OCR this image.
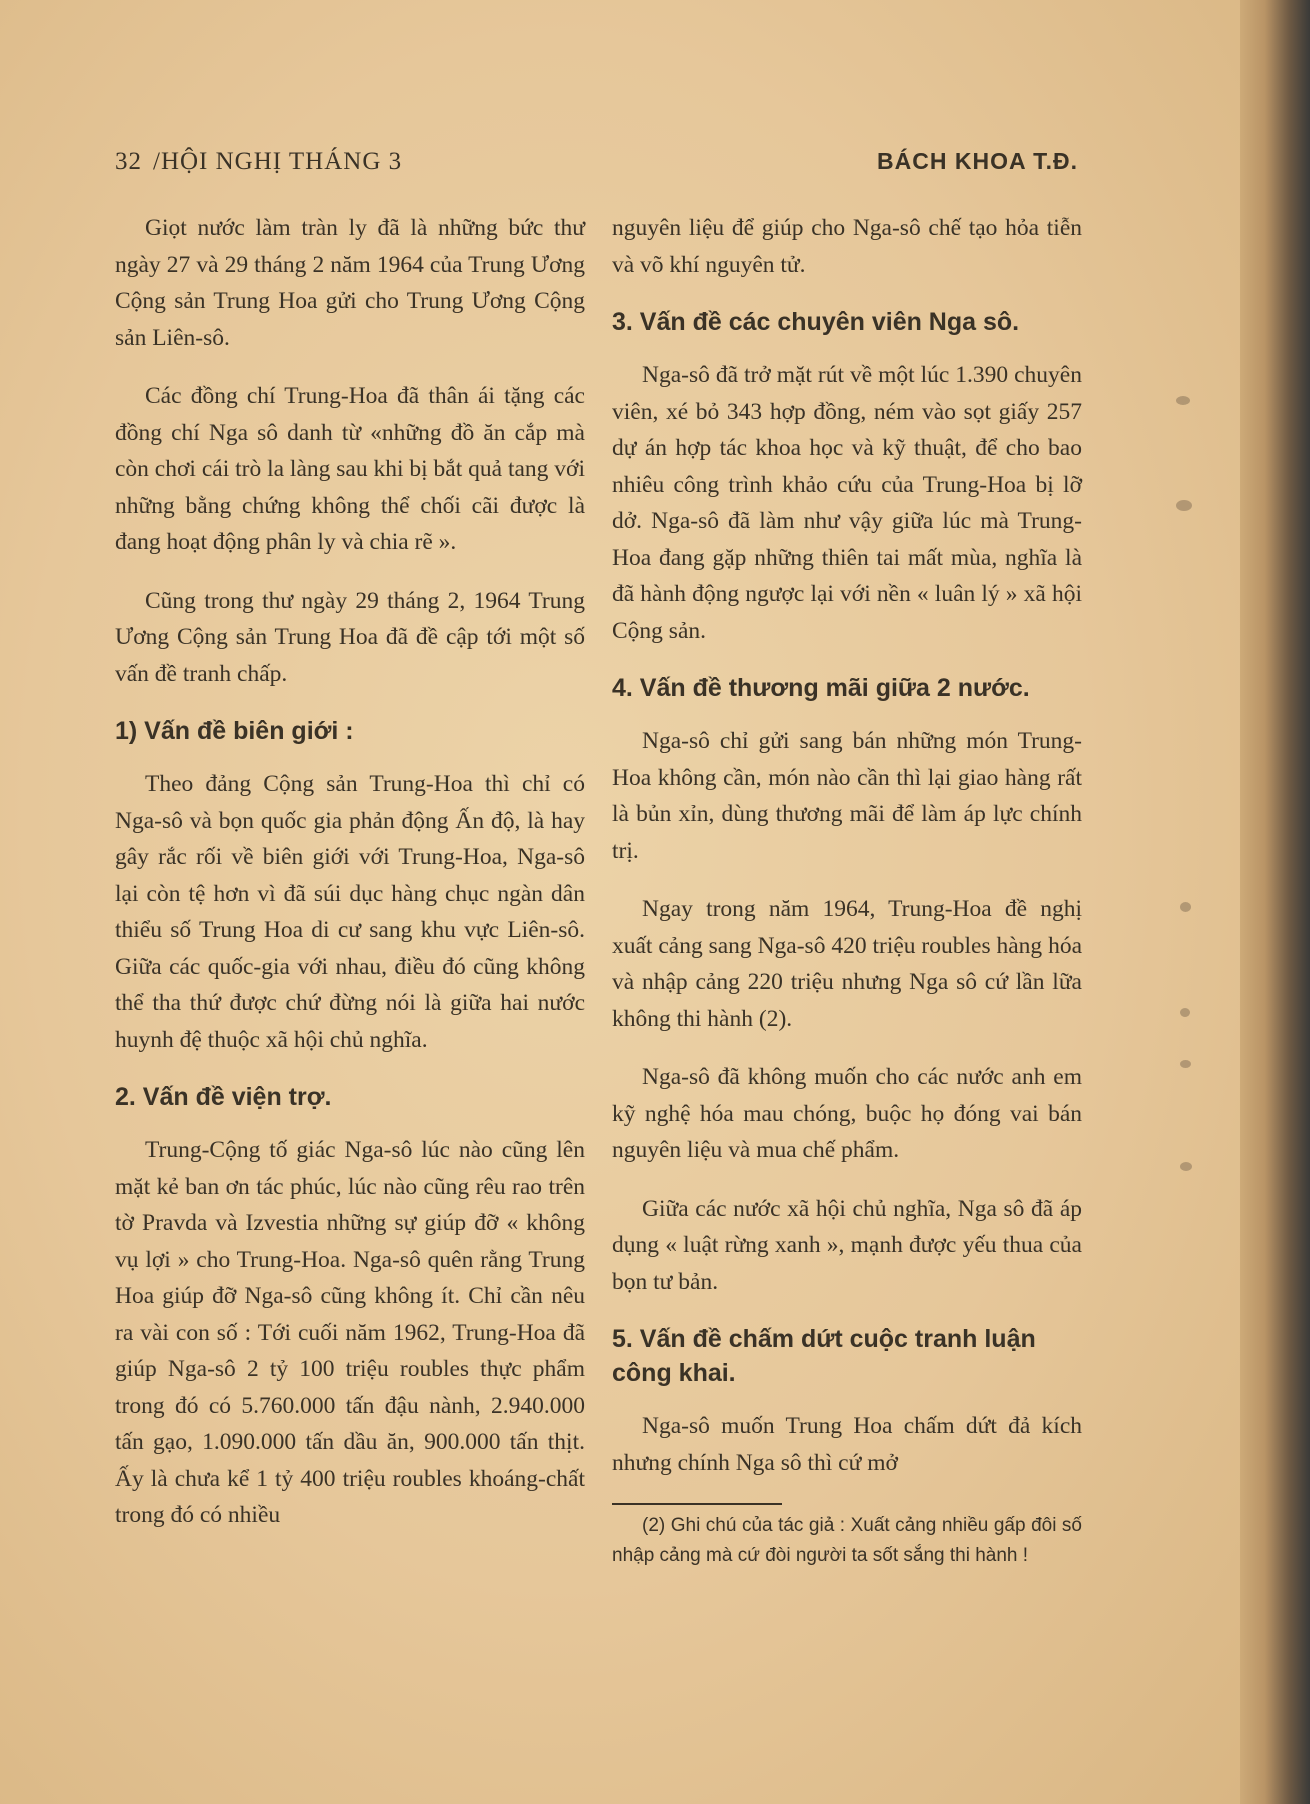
32 /HỘI NGHỊ THÁNG 3	BÁCH KHOA T.Đ.

Giọt nước làm tràn ly đã là những bức thư ngày 27 và 29 tháng 2 năm 1964 của Trung Ương Cộng sản Trung Hoa gửi cho Trung Ương Cộng sản Liên-sô.

Các đồng chí Trung-Hoa đã thân ái tặng các đồng chí Nga sô danh từ «những đồ ăn cắp mà còn chơi cái trò la làng sau khi bị bắt quả tang với những bằng chứng không thể chối cãi được là đang hoạt động phân ly và chia rẽ ».

Cũng trong thư ngày 29 tháng 2, 1964 Trung Ương Cộng sản Trung Hoa đã đề cập tới một số vấn đề tranh chấp.

1) Vấn đề biên giới :

Theo đảng Cộng sản Trung-Hoa thì chỉ có Nga-sô và bọn quốc gia phản động Ấn độ, là hay gây rắc rối về biên giới với Trung-Hoa, Nga-sô lại còn tệ hơn vì đã súi dục hàng chục ngàn dân thiểu số Trung Hoa di cư sang khu vực Liên-sô. Giữa các quốc-gia với nhau, điều đó cũng không thể tha thứ được chứ đừng nói là giữa hai nước huynh đệ thuộc xã hội chủ nghĩa.

2. Vấn đề viện trợ.

Trung-Cộng tố giác Nga-sô lúc nào cũng lên mặt kẻ ban ơn tác phúc, lúc nào cũng rêu rao trên tờ Pravda và Izvestia những sự giúp đỡ « không vụ lợi » cho Trung-Hoa. Nga-sô quên rằng Trung Hoa giúp đỡ Nga-sô cũng không ít. Chỉ cần nêu ra vài con số : Tới cuối năm 1962, Trung-Hoa đã giúp Nga-sô 2 tỷ 100 triệu roubles thực phẩm trong đó có 5.760.000 tấn đậu nành, 2.940.000 tấn gạo, 1.090.000 tấn dầu ăn, 900.000 tấn thịt. Ấy là chưa kể 1 tỷ 400 triệu roubles khoáng-chất trong đó có nhiều

nguyên liệu để giúp cho Nga-sô chế tạo hỏa tiễn và võ khí nguyên tử.

3. Vấn đề các chuyên viên Nga sô.

Nga-sô đã trở mặt rút về một lúc 1.390 chuyên viên, xé bỏ 343 hợp đồng, ném vào sọt giấy 257 dự án hợp tác khoa học và kỹ thuật, để cho bao nhiêu công trình khảo cứu của Trung-Hoa bị lỡ dở. Nga-sô đã làm như vậy giữa lúc mà Trung-Hoa đang gặp những thiên tai mất mùa, nghĩa là đã hành động ngược lại với nền « luân lý » xã hội Cộng sản.

4. Vấn đề thương mãi giữa 2 nước.

Nga-sô chỉ gửi sang bán những món Trung-Hoa không cần, món nào cần thì lại giao hàng rất là bủn xỉn, dùng thương mãi để làm áp lực chính trị.

Ngay trong năm 1964, Trung-Hoa đề nghị xuất cảng sang Nga-sô 420 triệu roubles hàng hóa và nhập cảng 220 triệu nhưng Nga sô cứ lần lữa không thi hành (2).

Nga-sô đã không muốn cho các nước anh em kỹ nghệ hóa mau chóng, buộc họ đóng vai bán nguyên liệu và mua chế phẩm.

Giữa các nước xã hội chủ nghĩa, Nga sô đã áp dụng « luật rừng xanh », mạnh được yếu thua của bọn tư bản.

5. Vấn đề chấm dứt cuộc tranh luận công khai.

Nga-sô muốn Trung Hoa chấm dứt đả kích nhưng chính Nga sô thì cứ mở

(2) Ghi chú của tác giả : Xuất cảng nhiều gấp đôi số nhập cảng mà cứ đòi người ta sốt sắng thi hành !
